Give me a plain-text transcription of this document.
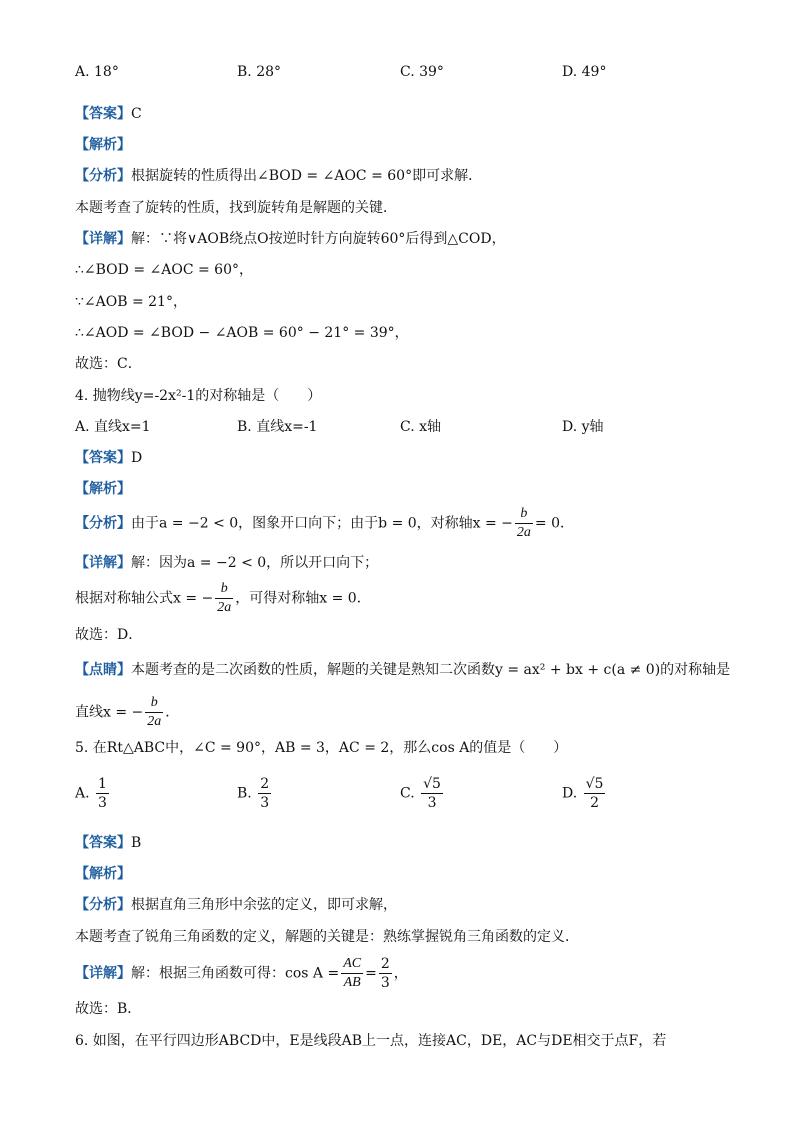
A. 18°	B. 28°	C. 39°	D. 49°
【答案】C
【解析】
【分析】根据旋转的性质得出∠BOD = ∠AOC = 60°即可求解．
本题考查了旋转的性质，找到旋转角是解题的关键．
【详解】解：∵将∨AOB绕点O按逆时针方向旋转60°后得到△COD，
∴∠BOD = ∠AOC = 60°，
∵∠AOB = 21°，
∴∠AOD = ∠BOD − ∠AOB = 60° − 21° = 39°，
故选：C．
4. 抛物线y=-2x²-1的对称轴是（　　）
A. 直线x=1	B. 直线x=-1	C. x轴	D. y轴
【答案】D
【解析】
【分析】由于a = −2 < 0，图象开口向下；由于b = 0，对称轴x = − $\frac{b}{2a} = 0$．
【详解】解：因为a = −2 < 0，所以开口向下；
根据对称轴公式x = − $\frac{b}{2a}$ ，可得对称轴x = 0．
故选：D．
【点睛】本题考查的是二次函数的性质，解题的关键是熟知二次函数y = ax² + bx + c(a ≠ 0)的对称轴是
直线x = − $\frac{b}{2a}$ ．
5. 在Rt△ABC中，∠C = 90°，AB = 3，AC = 2，那么cos A的值是（　　）
A. $\frac{1}{3}$	B. $\frac{2}{3}$	C. $\frac{√5}{3}$	D. $\frac{√5}{2}$
【答案】B
【解析】
【分析】根据直角三角形中余弦的定义，即可求解，
本题考查了锐角三角函数的定义，解题的关键是：熟练掌握锐角三角函数的定义．
【详解】解：根据三角函数可得：$\cos A = \frac{AC}{AB} = \frac{2}{3}$ ，
故选：B．
6. 如图，在平行四边形ABCD中，E是线段AB上一点，连接AC，DE，AC与DE相交于点F，若
